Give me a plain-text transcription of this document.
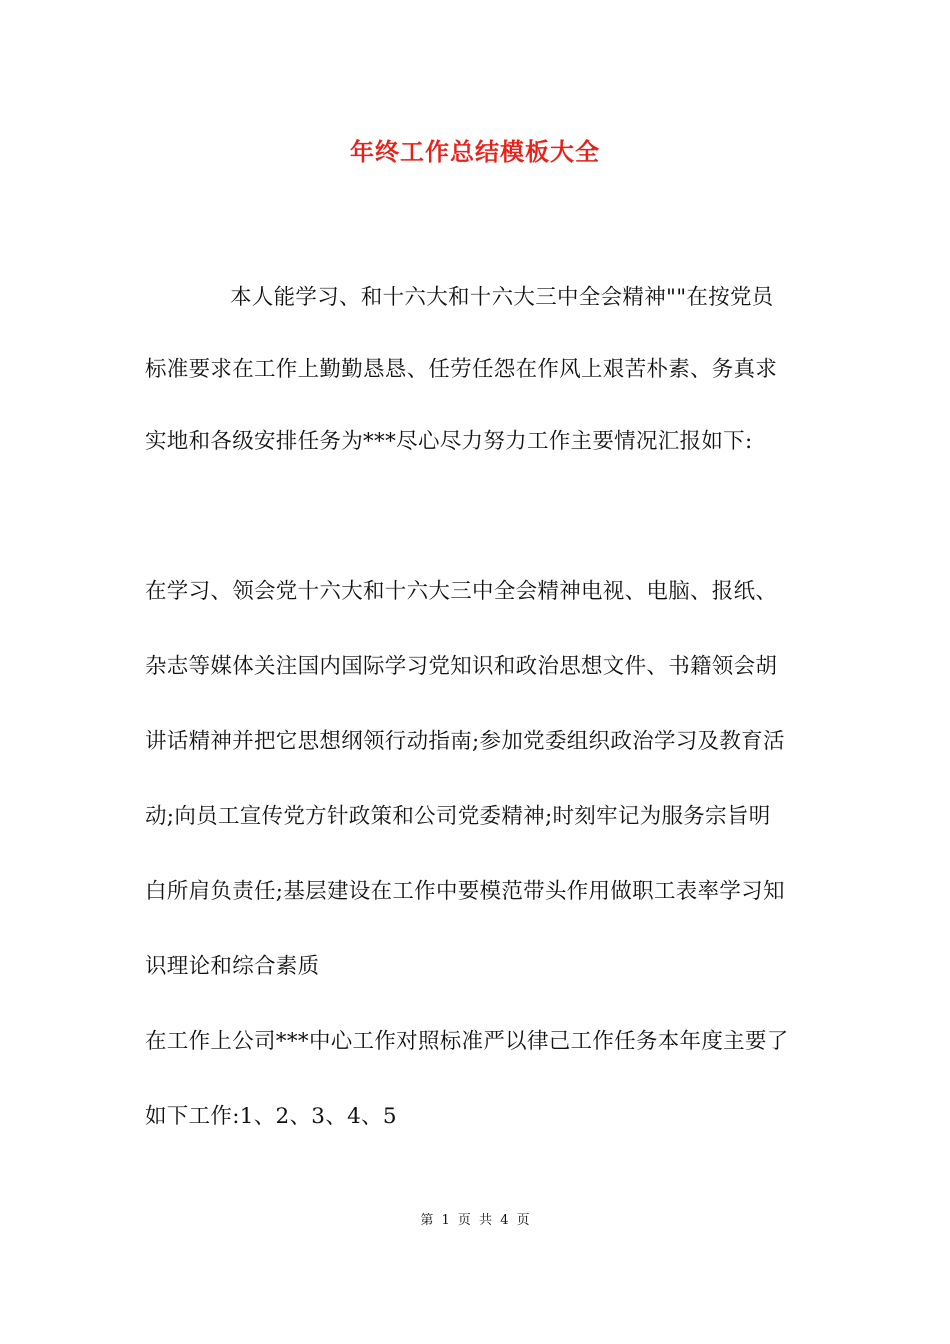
年终工作总结模板大全
本人能学习、和十六大和十六大三中全会精神""在按党员
标准要求在工作上勤勤恳恳、任劳任怨在作风上艰苦朴素、务真求
实地和各级安排任务为***尽心尽力努力工作主要情况汇报如下:
在学习、领会党十六大和十六大三中全会精神电视、电脑、报纸、
杂志等媒体关注国内国际学习党知识和政治思想文件、书籍领会胡
讲话精神并把它思想纲领行动指南;参加党委组织政治学习及教育活
动;向员工宣传党方针政策和公司党委精神;时刻牢记为服务宗旨明
白所肩负责任;基层建设在工作中要模范带头作用做职工表率学习知
识理论和综合素质
在工作上公司***中心工作对照标准严以律己工作任务本年度主要了
如下工作:1、2、3、4、5
第 1 页 共 4 页
